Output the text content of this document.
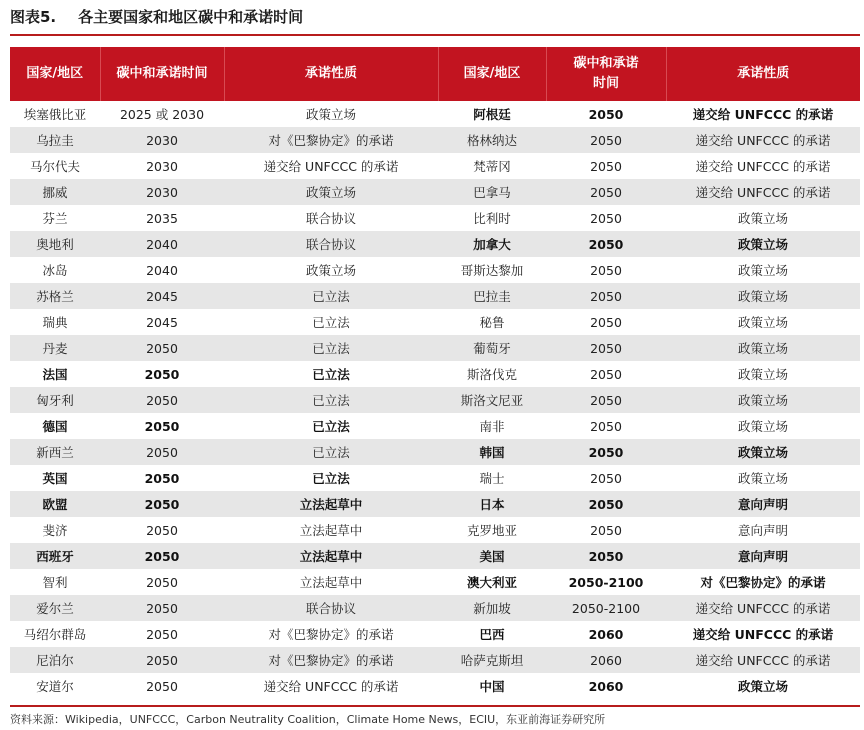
图表5. 各主要国家和地区碳中和承诺时间
国家/地区	碳中和承诺时间	承诺性质	国家/地区	碳中和承诺时间	承诺性质
埃塞俄比亚	2025 或 2030	政策立场	阿根廷	2050	递交给 UNFCCC 的承诺
乌拉圭	2030	对《巴黎协定》的承诺	格林纳达	2050	递交给 UNFCCC 的承诺
马尔代夫	2030	递交给 UNFCCC 的承诺	梵蒂冈	2050	递交给 UNFCCC 的承诺
挪威	2030	政策立场	巴拿马	2050	递交给 UNFCCC 的承诺
芬兰	2035	联合协议	比利时	2050	政策立场
奥地利	2040	联合协议	加拿大	2050	政策立场
冰岛	2040	政策立场	哥斯达黎加	2050	政策立场
苏格兰	2045	已立法	巴拉圭	2050	政策立场
瑞典	2045	已立法	秘鲁	2050	政策立场
丹麦	2050	已立法	葡萄牙	2050	政策立场
法国	2050	已立法	斯洛伐克	2050	政策立场
匈牙利	2050	已立法	斯洛文尼亚	2050	政策立场
德国	2050	已立法	南非	2050	政策立场
新西兰	2050	已立法	韩国	2050	政策立场
英国	2050	已立法	瑞士	2050	政策立场
欧盟	2050	立法起草中	日本	2050	意向声明
斐济	2050	立法起草中	克罗地亚	2050	意向声明
西班牙	2050	立法起草中	美国	2050	意向声明
智利	2050	立法起草中	澳大利亚	2050-2100	对《巴黎协定》的承诺
爱尔兰	2050	联合协议	新加坡	2050-2100	递交给 UNFCCC 的承诺
马绍尔群岛	2050	对《巴黎协定》的承诺	巴西	2060	递交给 UNFCCC 的承诺
尼泊尔	2050	对《巴黎协定》的承诺	哈萨克斯坦	2060	递交给 UNFCCC 的承诺
安道尔	2050	递交给 UNFCCC 的承诺	中国	2060	政策立场
资料来源：Wikipedia，UNFCCC，Carbon Neutrality Coalition，Climate Home News，ECIU，东亚前海证券研究所
